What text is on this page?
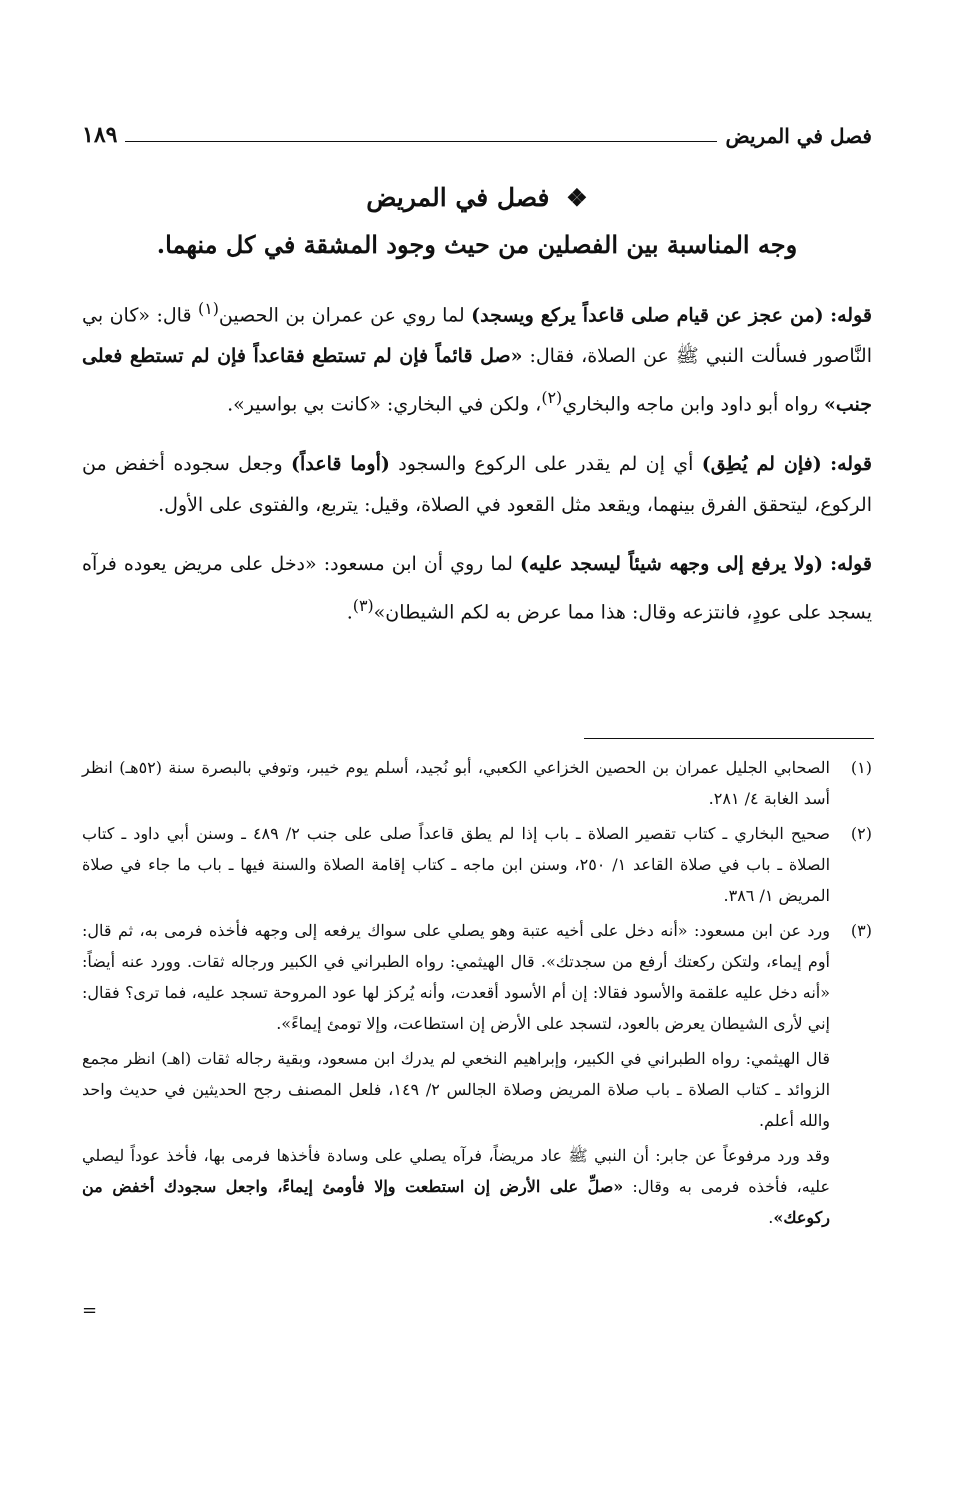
فصل في المريض
١٨٩
❖ فصل في المريض
وجه المناسبة بين الفصلين من حيث وجود المشقة في كل منهما.

قوله: (من عجز عن قيام صلى قاعداً يركع ويسجد) لما روي عن عمران بن الحصين$^{(١)}$ قال: «كان بي النَّاصور فسألت النبي ﷺ عن الصلاة، فقال: «صل قائماً فإن لم تستطع فقاعداً فإن لم تستطع فعلى جنب» رواه أبو داود وابن ماجه والبخاري$^{(٢)}$، ولكن في البخاري: «كانت بي بواسير».

قوله: (فإن لم يُطِق) أي إن لم يقدر على الركوع والسجود (أوما قاعداً) وجعل سجوده أخفض من الركوع، ليتحقق الفرق بينهما، ويقعد مثل القعود في الصلاة، وقيل: يتربع، والفتوى على الأول.

قوله: (ولا يرفع إلى وجهه شيئاً ليسجد عليه) لما روي أن ابن مسعود: «دخل على مريض يعوده فرآه يسجد على عودٍ، فانتزعه وقال: هذا مما عرض به لكم الشيطان»$^{(٣)}$.

(١)
الصحابي الجليل عمران بن الحصين الخزاعي الكعبي، أبو نُجيد، أسلم يوم خيبر، وتوفي بالبصرة سنة (٥٢هـ) انظر أسد الغابة ٤/ ٢٨١.
(٢)
صحيح البخاري ـ كتاب تقصير الصلاة ـ باب إذا لم يطق قاعداً صلى على جنب ٢/ ٤٨٩ ـ وسنن أبي داود ـ كتاب الصلاة ـ باب في صلاة القاعد ١/ ٢٥٠، وسنن ابن ماجه ـ كتاب إقامة الصلاة والسنة فيها ـ باب ما جاء في صلاة المريض ١/ ٣٨٦.
(٣)
ورد عن ابن مسعود: «أنه دخل على أخيه عتبة وهو يصلي على سواك يرفعه إلى وجهه فأخذه فرمى به، ثم قال: أوم إيماء، ولتكن ركعتك أرفع من سجدتك». قال الهيثمي: رواه الطبراني في الكبير ورجاله ثقات. وورد عنه أيضاً: «أنه دخل عليه علقمة والأسود فقالا: إن أم الأسود أقعدت، وأنه يُركز لها عود المروحة تسجد عليه، فما ترى؟ فقال: إني لأرى الشيطان يعرض بالعود، لتسجد على الأرض إن استطاعت، وإلا تومئ إيماءً».
قال الهيثمي: رواه الطبراني في الكبير، وإبراهيم النخعي لم يدرك ابن مسعود، وبقية رجاله ثقات (اهـ) انظر مجمع الزوائد ـ كتاب الصلاة ـ باب صلاة المريض وصلاة الجالس ٢/ ١٤٩، فلعل المصنف رجح الحديثين في حديث واحد والله أعلم.
وقد ورد مرفوعاً عن جابر: أن النبي ﷺ عاد مريضاً، فرآه يصلي على وسادة فأخذها فرمى بها، فأخذ عوداً ليصلي عليه، فأخذه فرمى به وقال: «صلِّ على الأرض إن استطعت وإلا فأومئ إيماءً، واجعل سجودك أخفض من ركوعك».
=
